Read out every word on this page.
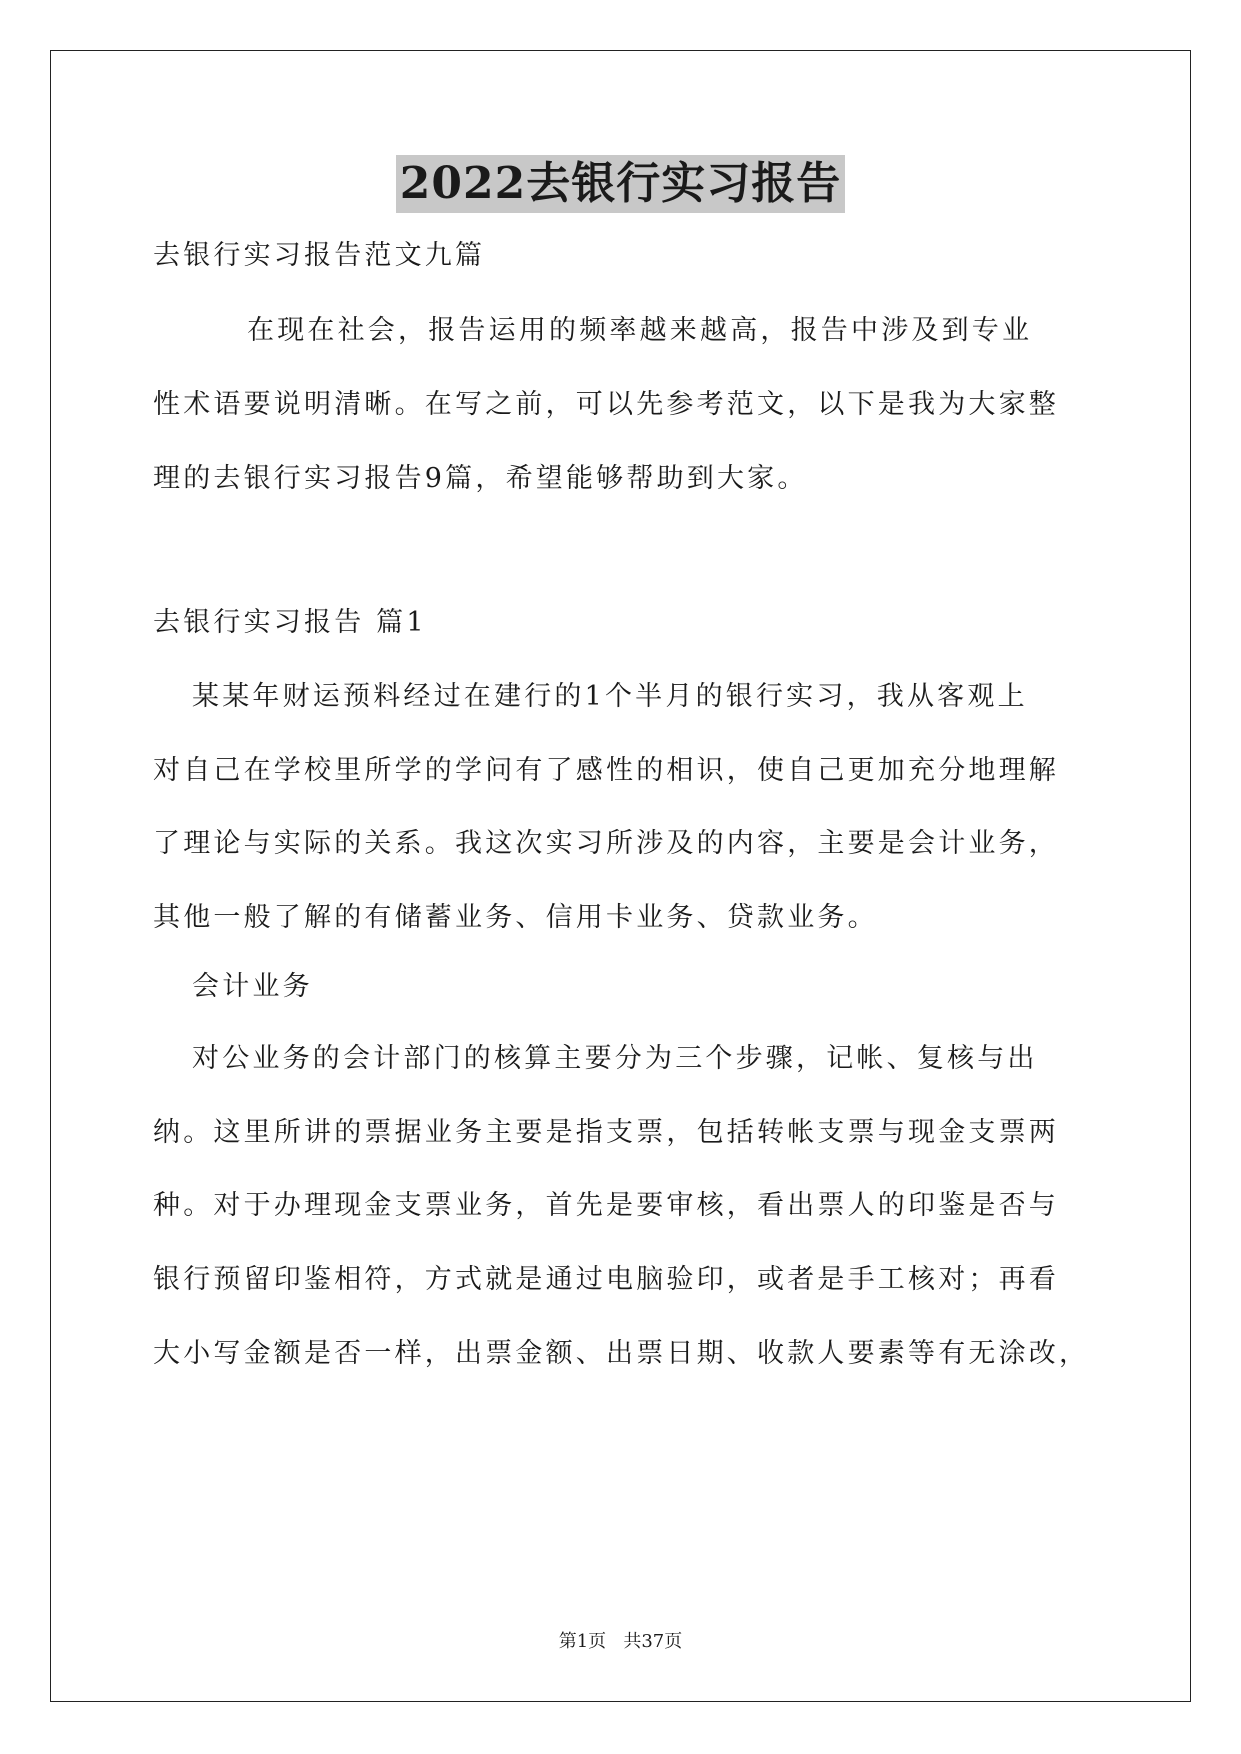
2022去银行实习报告
去银行实习报告范文九篇
在现在社会，报告运用的频率越来越高，报告中涉及到专业
性术语要说明清晰。在写之前，可以先参考范文，以下是我为大家整
理的去银行实习报告9篇，希望能够帮助到大家。
去银行实习报告 篇1
某某年财运预料经过在建行的1个半月的银行实习，我从客观上
对自己在学校里所学的学问有了感性的相识，使自己更加充分地理解
了理论与实际的关系。我这次实习所涉及的内容，主要是会计业务，
其他一般了解的有储蓄业务、信用卡业务、贷款业务。
会计业务
对公业务的会计部门的核算主要分为三个步骤，记帐、复核与出
纳。这里所讲的票据业务主要是指支票，包括转帐支票与现金支票两
种。对于办理现金支票业务，首先是要审核，看出票人的印鉴是否与
银行预留印鉴相符，方式就是通过电脑验印，或者是手工核对；再看
大小写金额是否一样，出票金额、出票日期、收款人要素等有无涂改，
第1页   共37页
